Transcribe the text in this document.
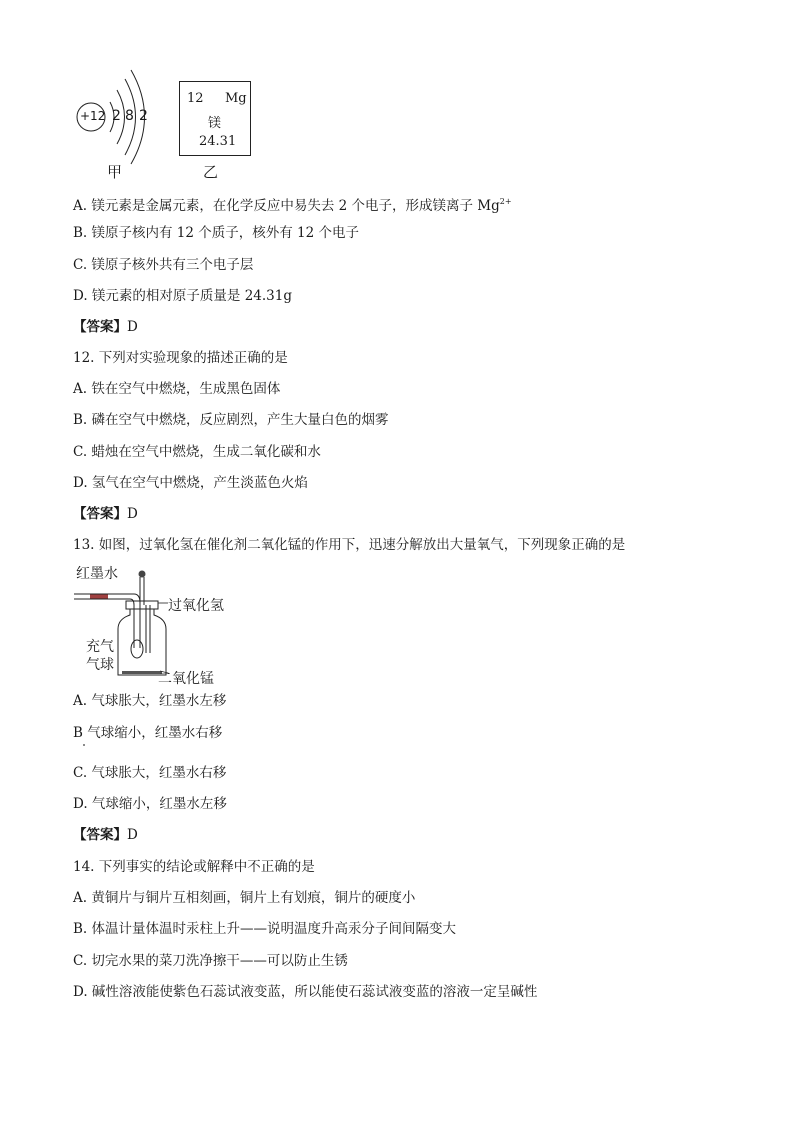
+12 2 8 2
甲
12 Mg
镁
24.31
乙
A. 镁元素是金属元素，在化学反应中易失去 2 个电子，形成镁离子 $Mg^{2+}$
B. 镁原子核内有 12 个质子，核外有 12 个电子
C. 镁原子核外共有三个电子层
D. 镁元素的相对原子质量是 24.31g
【答案】D
12. 下列对实验现象的描述正确的是
A. 铁在空气中燃烧，生成黑色固体
B. 磷在空气中燃烧，反应剧烈，产生大量白色的烟雾
C. 蜡烛在空气中燃烧，生成二氧化碳和水
D. 氢气在空气中燃烧，产生淡蓝色火焰
【答案】D
13. 如图，过氧化氢在催化剂二氧化锰的作用下，迅速分解放出大量氧气，下列现象正确的是
红墨水
过氧化氢
充气
气球
二氧化锰
A. 气球胀大，红墨水左移
B 气球缩小，红墨水右移
C. 气球胀大，红墨水右移
D. 气球缩小，红墨水左移
【答案】D
14. 下列事实的结论或解释中不正确的是
A. 黄铜片与铜片互相刻画，铜片上有划痕，铜片的硬度小
B. 体温计量体温时汞柱上升——说明温度升高汞分子间间隔变大
C. 切完水果的菜刀洗净擦干——可以防止生锈
D. 碱性溶液能使紫色石蕊试液变蓝，所以能使石蕊试液变蓝的溶液一定呈碱性
